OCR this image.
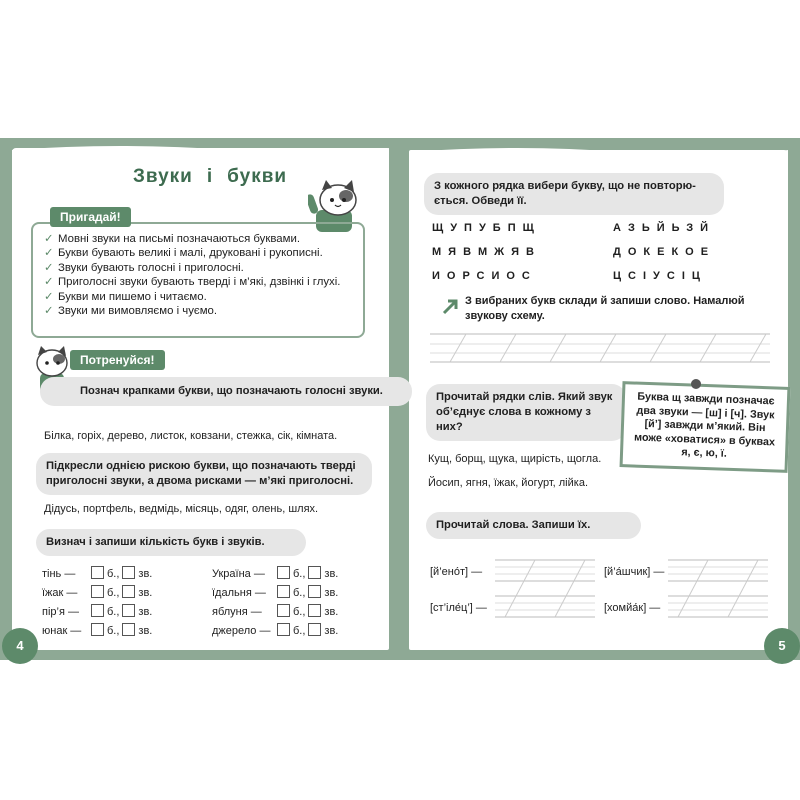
Звуки і букви
Пригадай!
✓ Мовні звуки на письмі позначаються буквами.
✓ Букви бувають великі і малі, друковані і рукописні.
✓ Звуки бувають голосні і приголосні.
✓ Приголосні звуки бувають тверді і м’які, дзвінкі і глухі.
✓ Букви ми пишемо і читаємо.
✓ Звуки ми вимовляємо і чуємо.
Потренуйся!
Познач крапками букви, що позначають голосні звуки.
Білка, горіх, дерево, листок, ковзани, стежка, сік, кімната.
Підкресли однією рискою букви, що позначають тверді приголосні звуки, а двома рисками — м’які приголосні.
Дідусь, портфель, ведмідь, місяць, одяг, олень, шлях.
Визнач і запиши кількість букв і звуків.
тінь —	б., зв.
їжак —	б., зв.
пір’я —	б., зв.
юнак — б., зв.
Україна —	б., зв.
їдальня — б., зв.
яблуня —	б., зв.
джерело — б., зв.
4
З кожного рядка вибери букву, що не повторю-ється. Обведи її.
ЩУПУБПЩ
МЯВМЖЯВ
ИОРСИОС
АЗЬЙЬЗЙ
ДОКЕКОЕ
ЦСІУСІЦ
З вибраних букв склади й запиши слово. Намалюй звукову схему.
Прочитай рядки слів. Який звук об’єднує слова в кожному з них?
Буква щ завжди позначає два звуки — [ш] і [ч]. Звук [й’] завжди м’який. Він може «ховатися» в буквах я, є, ю, ї.
Кущ, борщ, щука, щирість, щогла.
Йосип, ягня, їжак, йогурт, лійка.
Прочитай слова. Запиши їх.
[й’ено́т] —	[й’а́шчик] —
[ст’іле́ц’] —	[хомйа́к] —
5
